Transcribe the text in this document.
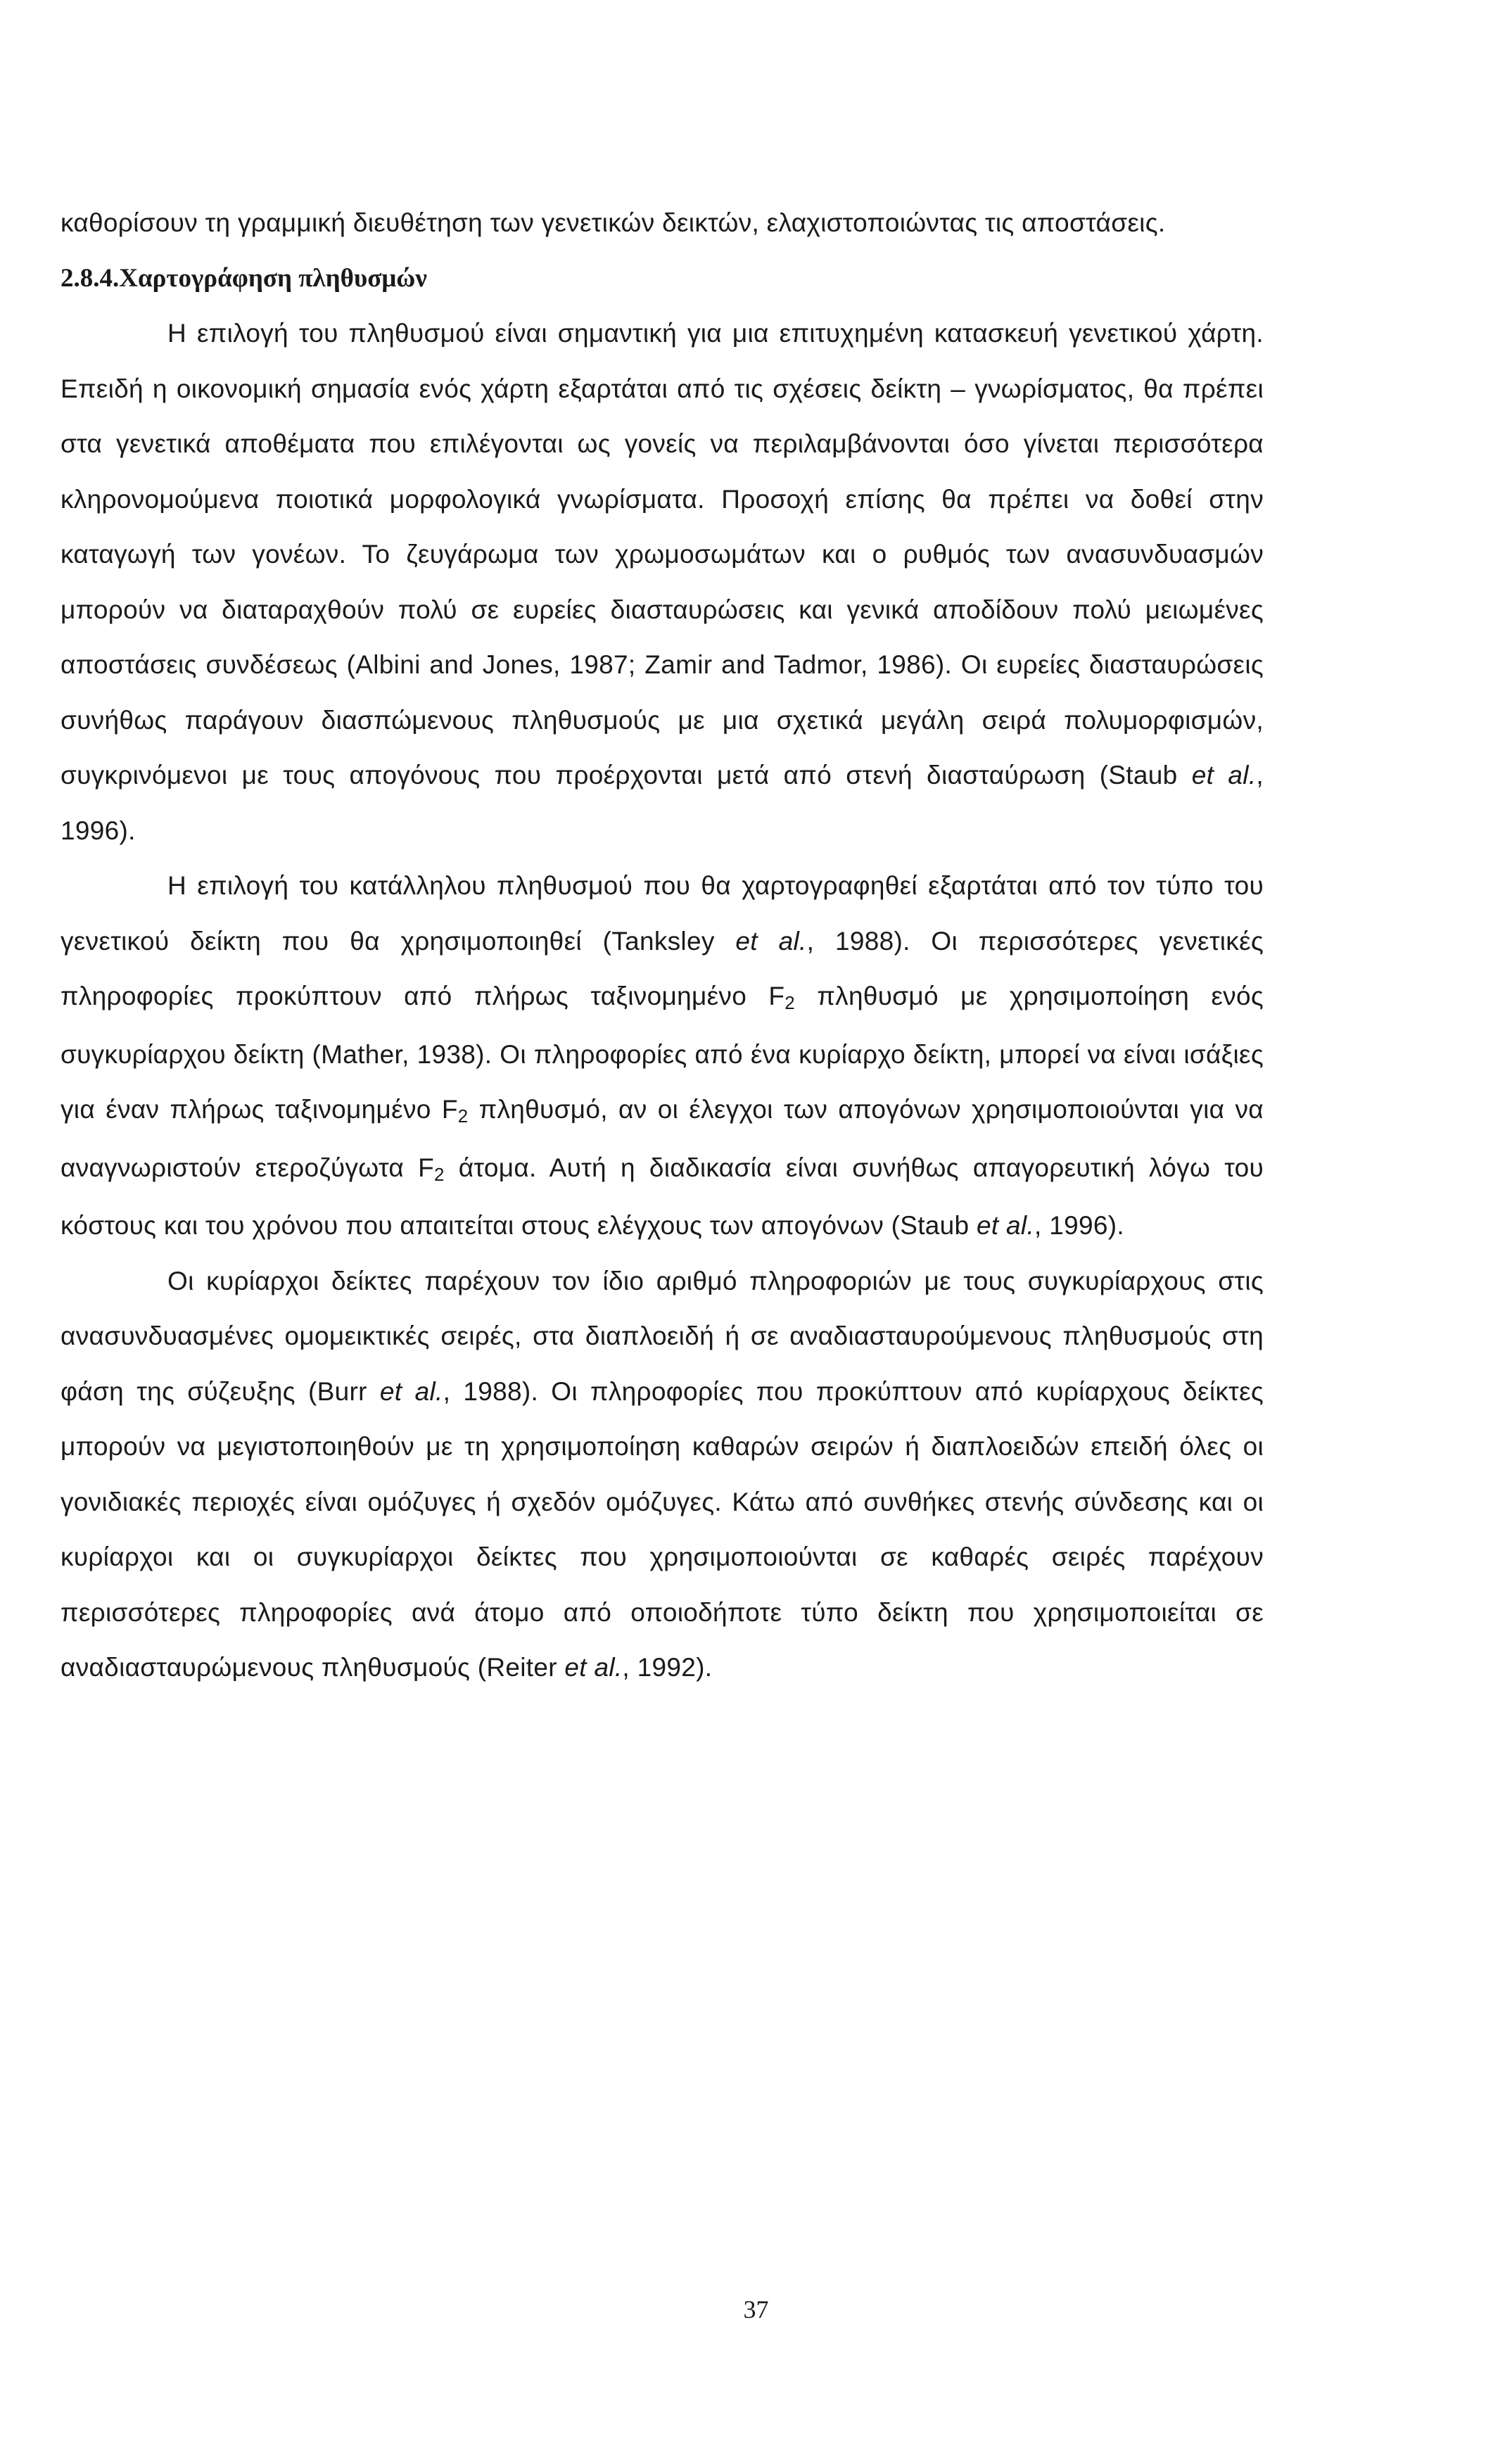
καθορίσουν τη γραμμική διευθέτηση των γενετικών δεικτών, ελαχιστοποιώντας τις αποστάσεις.

2.8.4.Χαρτογράφηση πληθυσμών

Η επιλογή του πληθυσμού είναι σημαντική για μια επιτυχημένη κατασκευή γενετικού χάρτη. Επειδή η οικονομική σημασία ενός χάρτη εξαρτάται από τις σχέσεις δείκτη – γνωρίσματος, θα πρέπει στα γενετικά αποθέματα που επιλέγονται ως γονείς να περιλαμβάνονται όσο γίνεται περισσότερα κληρονομούμενα ποιοτικά μορφολογικά γνωρίσματα. Προσοχή επίσης θα πρέπει να δοθεί στην καταγωγή των γονέων. Το ζευγάρωμα των χρωμοσωμάτων και ο ρυθμός των ανασυνδυασμών μπορούν να διαταραχθούν πολύ σε ευρείες διασταυρώσεις και γενικά αποδίδουν πολύ μειωμένες αποστάσεις συνδέσεως (Albini and Jones, 1987; Zamir and Tadmor, 1986). Οι ευρείες διασταυρώσεις συνήθως παράγουν διασπώμενους πληθυσμούς με μια σχετικά μεγάλη σειρά πολυμορφισμών, συγκρινόμενοι με τους απογόνους που προέρχονται μετά από στενή διασταύρωση (Staub et al., 1996).

Η επιλογή του κατάλληλου πληθυσμού που θα χαρτογραφηθεί εξαρτάται από τον τύπο του γενετικού δείκτη που θα χρησιμοποιηθεί (Tanksley et al., 1988). Οι περισσότερες γενετικές πληροφορίες προκύπτουν από πλήρως ταξινομημένο $F_2$ πληθυσμό με χρησιμοποίηση ενός συγκυρίαρχου δείκτη (Mather, 1938). Οι πληροφορίες από ένα κυρίαρχο δείκτη, μπορεί να είναι ισάξιες για έναν πλήρως ταξινομημένο $F_2$ πληθυσμό, αν οι έλεγχοι των απογόνων χρησιμοποιούνται για να αναγνωριστούν ετεροζύγωτα $F_2$ άτομα. Αυτή η διαδικασία είναι συνήθως απαγορευτική λόγω του κόστους και του χρόνου που απαιτείται στους ελέγχους των απογόνων (Staub et al., 1996).

Οι κυρίαρχοι δείκτες παρέχουν τον ίδιο αριθμό πληροφοριών με τους συγκυρίαρχους στις ανασυνδυασμένες ομομεικτικές σειρές, στα διαπλοειδή ή σε αναδιασταυρούμενους πληθυσμούς στη φάση της σύζευξης (Burr et al., 1988). Οι πληροφορίες που προκύπτουν από κυρίαρχους δείκτες μπορούν να μεγιστοποιηθούν με τη χρησιμοποίηση καθαρών σειρών ή διαπλοειδών επειδή όλες οι γονιδιακές περιοχές είναι ομόζυγες ή σχεδόν ομόζυγες. Κάτω από συνθήκες στενής σύνδεσης και οι κυρίαρχοι και οι συγκυρίαρχοι δείκτες που χρησιμοποιούνται σε καθαρές σειρές παρέχουν περισσότερες πληροφορίες ανά άτομο από οποιοδήποτε τύπο δείκτη που χρησιμοποιείται σε αναδιασταυρώμενους πληθυσμούς (Reiter et al., 1992).

37
